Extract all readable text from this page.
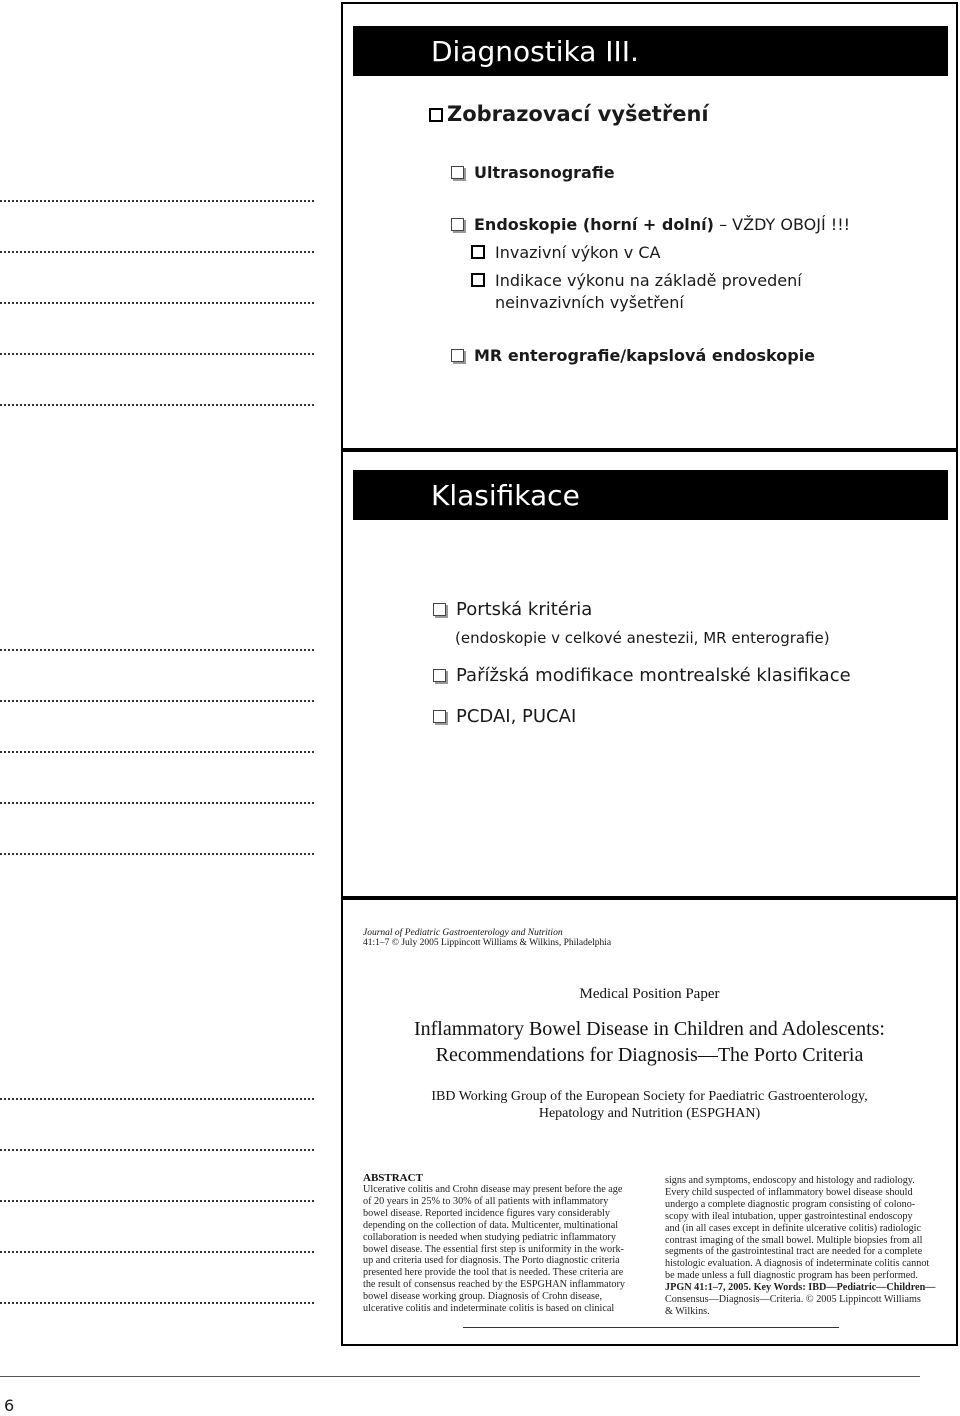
Diagnostika III.
Zobrazovací vyšetření
Ultrasonografie
Endoskopie (horní + dolní) – VŽDY OBOJÍ !!!
Invazivní výkon v CA
Indikace výkonu na základě provedení
neinvazivních vyšetření
MR enterografie/kapslová endoskopie
Klasifikace
Portská kritéria
(endoskopie v celkové anestezii, MR enterografie)
Pařížská modifikace montrealské klasifikace
PCDAI, PUCAI
Journal of Pediatric Gastroenterology and Nutrition
41:1–7 © July 2005 Lippincott Williams & Wilkins, Philadelphia
Medical Position Paper
Inflammatory Bowel Disease in Children and Adolescents:
Recommendations for Diagnosis—The Porto Criteria
IBD Working Group of the European Society for Paediatric Gastroenterology,
Hepatology and Nutrition (ESPGHAN)
ABSTRACT
Ulcerative colitis and Crohn disease may present before the age
of 20 years in 25% to 30% of all patients with inflammatory
bowel disease. Reported incidence figures vary considerably
depending on the collection of data. Multicenter, multinational
collaboration is needed when studying pediatric inflammatory
bowel disease. The essential first step is uniformity in the work-
up and criteria used for diagnosis. The Porto diagnostic criteria
presented here provide the tool that is needed. These criteria are
the result of consensus reached by the ESPGHAN inflammatory
bowel disease working group. Diagnosis of Crohn disease,
ulcerative colitis and indeterminate colitis is based on clinical
signs and symptoms, endoscopy and histology and radiology.
Every child suspected of inflammatory bowel disease should
undergo a complete diagnostic program consisting of colono-
scopy with ileal intubation, upper gastrointestinal endoscopy
and (in all cases except in definite ulcerative colitis) radiologic
contrast imaging of the small bowel. Multiple biopsies from all
segments of the gastrointestinal tract are needed for a complete
histologic evaluation. A diagnosis of indeterminate colitis cannot
be made unless a full diagnostic program has been performed.
JPGN 41:1–7, 2005. Key Words: IBD—Pediatric—Children—
Consensus—Diagnosis—Criteria. © 2005 Lippincott Williams
& Wilkins.
6
